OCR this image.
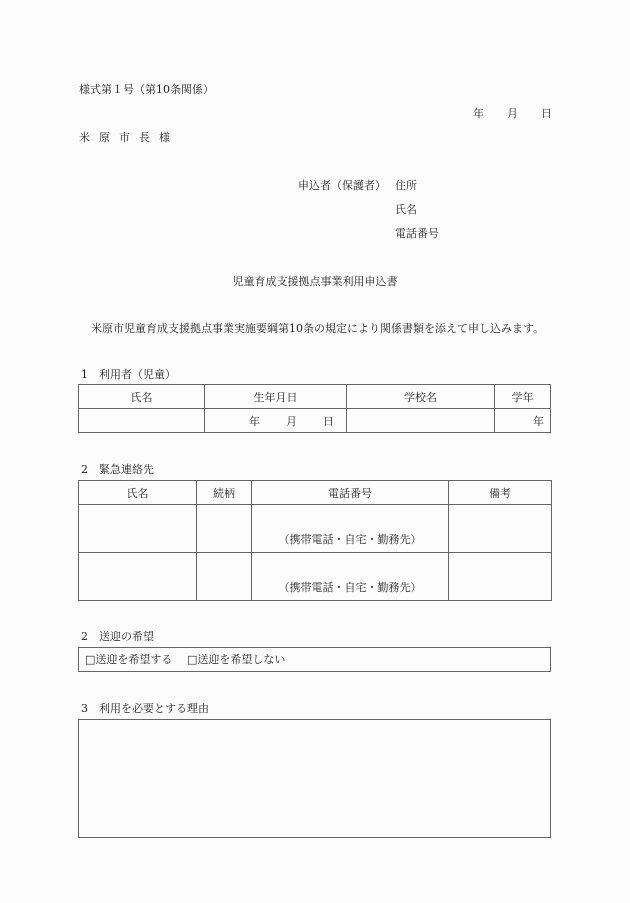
様式第１号（第10条関係）
年 月 日
米 原 市 長 様
申込者（保護者） 住所
氏名
電話番号
児童育成支援拠点事業利用申込書
米原市児童育成支援拠点事業実施要綱第10条の規定により関係書類を添えて申し込みます。
1　利用者（児童）
氏名	生年月日	学校名	学年
	年 月 日		年
2　緊急連絡先
氏名	続柄	電話番号	備考
		（携帯電話・自宅・勤務先）	
		（携帯電話・自宅・勤務先）	
2　送迎の希望
□送迎を希望する □送迎を希望しない
3　利用を必要とする理由
